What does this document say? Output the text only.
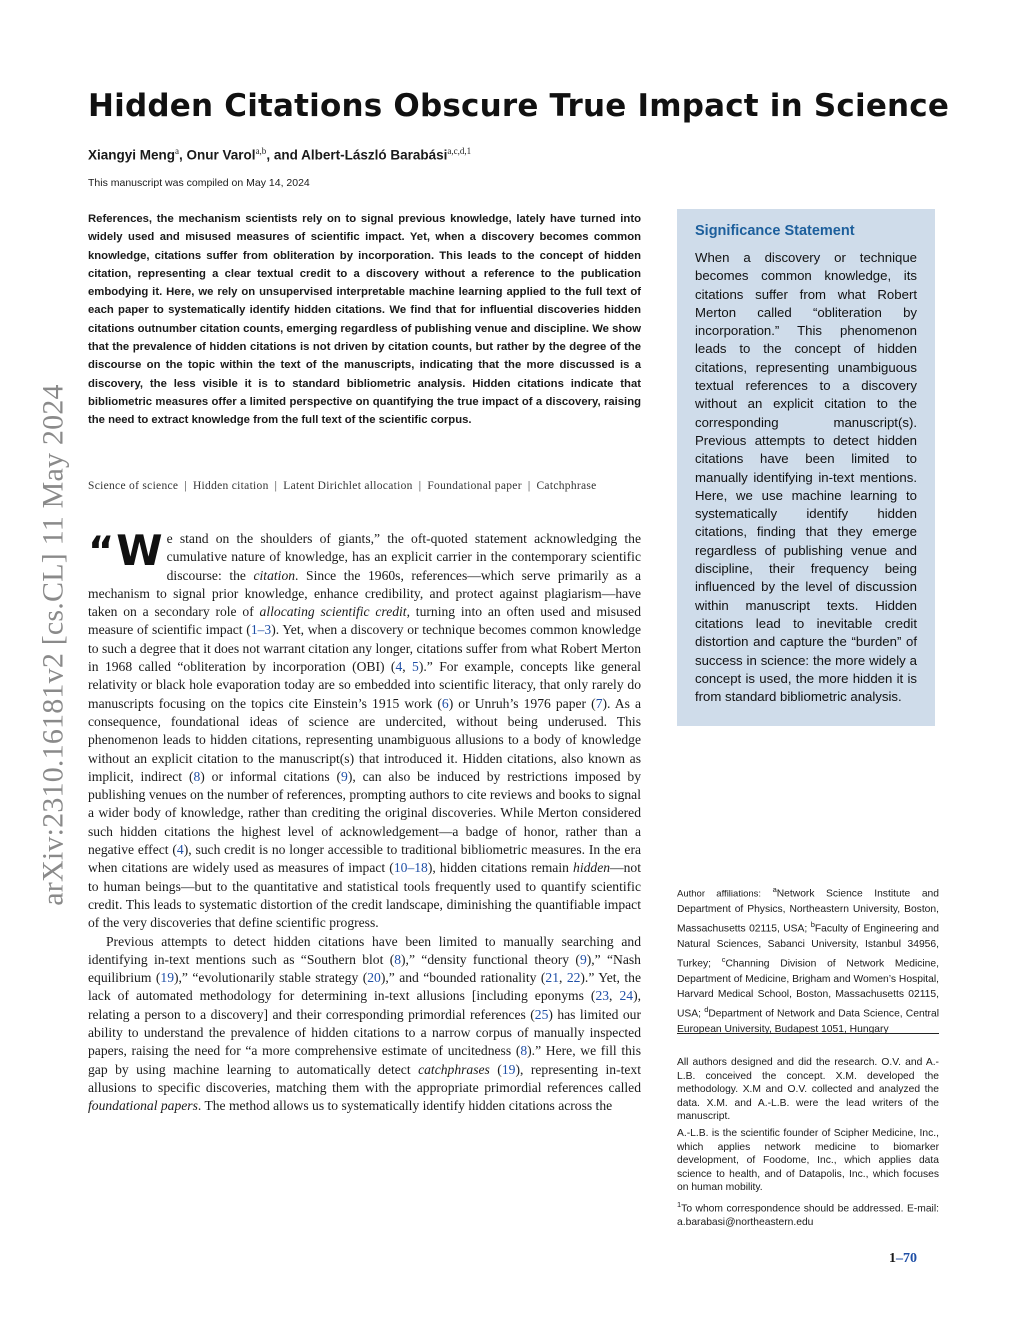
arXiv:2310.16181v2 [cs.CL] 11 May 2024
Hidden Citations Obscure True Impact in Science
Xiangyi Meng$^a$, Onur Varol$^{a,b}$, and Albert-László Barabási$^{a,c,d,1}$
This manuscript was compiled on May 14, 2024

References, the mechanism scientists rely on to signal previous knowledge, lately have turned into widely used and misused measures of scientific impact. Yet, when a discovery becomes common knowledge, citations suffer from obliteration by incorporation. This leads to the concept of hidden citation, representing a clear textual credit to a discovery without a reference to the publication embodying it. Here, we rely on unsupervised interpretable machine learning applied to the full text of each paper to systematically identify hidden citations. We find that for influential discoveries hidden citations outnumber citation counts, emerging regardless of publishing venue and discipline. We show that the prevalence of hidden citations is not driven by citation counts, but rather by the degree of the discourse on the topic within the text of the manuscripts, indicating that the more discussed is a discovery, the less visible it is to standard bibliometric analysis. Hidden citations indicate that bibliometric measures offer a limited perspective on quantifying the true impact of a discovery, raising the need to extract knowledge from the full text of the scientific corpus.

Science of science | Hidden citation | Latent Dirichlet allocation | Foundational paper | Catchphrase

“W e stand on the shoulders of giants,” the oft-quoted statement acknowledging the cumulative nature of knowledge, has an explicit carrier in the contemporary scientific discourse: the citation. Since the 1960s, references—which serve primarily as a mechanism to signal prior knowledge, enhance credibility, and protect against plagiarism—have taken on a secondary role of allocating scientific credit, turning into an often used and misused measure of scientific impact (1–3). Yet, when a discovery or technique becomes common knowledge to such a degree that it does not warrant citation any longer, citations suffer from what Robert Merton in 1968 called “obliteration by incorporation (OBI) (4, 5).” For example, concepts like general relativity or black hole evaporation today are so embedded into scientific literacy, that only rarely do manuscripts focusing on the topics cite Einstein’s 1915 work (6) or Unruh’s 1976 paper (7). As a consequence, foundational ideas of science are undercited, without being underused. This phenomenon leads to hidden citations, representing unambiguous allusions to a body of knowledge without an explicit citation to the manuscript(s) that introduced it. Hidden citations, also known as implicit, indirect (8) or informal citations (9), can also be induced by restrictions imposed by publishing venues on the number of references, prompting authors to cite reviews and books to signal a wider body of knowledge, rather than crediting the original discoveries. While Merton considered such hidden citations the highest level of acknowledgement—a badge of honor, rather than a negative effect (4), such credit is no longer accessible to traditional bibliometric measures. In the era when citations are widely used as measures of impact (10–18), hidden citations remain hidden—not to human beings—but to the quantitative and statistical tools frequently used to quantify scientific credit. This leads to systematic distortion of the credit landscape, diminishing the quantifiable impact of the very discoveries that define scientific progress.

Previous attempts to detect hidden citations have been limited to manually searching and identifying in-text mentions such as “Southern blot (8),” “density functional theory (9),” “Nash equilibrium (19),” “evolutionarily stable strategy (20),” and “bounded rationality (21, 22).” Yet, the lack of automated methodology for determining in-text allusions [including eponyms (23, 24), relating a person to a discovery] and their corresponding primordial references (25) has limited our ability to understand the prevalence of hidden citations to a narrow corpus of manually inspected papers, raising the need for “a more comprehensive estimate of uncitedness (8).” Here, we fill this gap by using machine learning to automatically detect catchphrases (19), representing in-text allusions to specific discoveries, matching them with the appropriate primordial references called foundational papers. The method allows us to systematically identify hidden citations across the

Significance Statement

When a discovery or technique becomes common knowledge, its citations suffer from what Robert Merton called “obliteration by incorporation.” This phenomenon leads to the concept of hidden citations, representing unambiguous textual references to a discovery without an explicit citation to the corresponding manuscript(s). Previous attempts to detect hidden citations have been limited to manually identifying in-text mentions. Here, we use machine learning to systematically identify hidden citations, finding that they emerge regardless of publishing venue and discipline, their frequency being influenced by the level of discussion within manuscript texts. Hidden citations lead to inevitable credit distortion and capture the “burden” of success in science: the more widely a concept is used, the more hidden it is from standard bibliometric analysis.

Author affiliations: $^a$Network Science Institute and Department of Physics, Northeastern University, Boston, Massachusetts 02115, USA; $^b$Faculty of Engineering and Natural Sciences, Sabanci University, Istanbul 34956, Turkey; $^c$Channing Division of Network Medicine, Department of Medicine, Brigham and Women’s Hospital, Harvard Medical School, Boston, Massachusetts 02115, USA; $^d$Department of Network and Data Science, Central European University, Budapest 1051, Hungary
All authors designed and did the research. O.V. and A.-L.B. conceived the concept. X.M. developed the methodology. X.M and O.V. collected and analyzed the data. X.M. and A.-L.B. were the lead writers of the manuscript.
A.-L.B. is the scientific founder of Scipher Medicine, Inc., which applies network medicine to biomarker development, of Foodome, Inc., which applies data science to health, and of Datapolis, Inc., which focuses on human mobility.
$^1$To whom correspondence should be addressed. E-mail: a.barabasi@northeastern.edu
1–70
